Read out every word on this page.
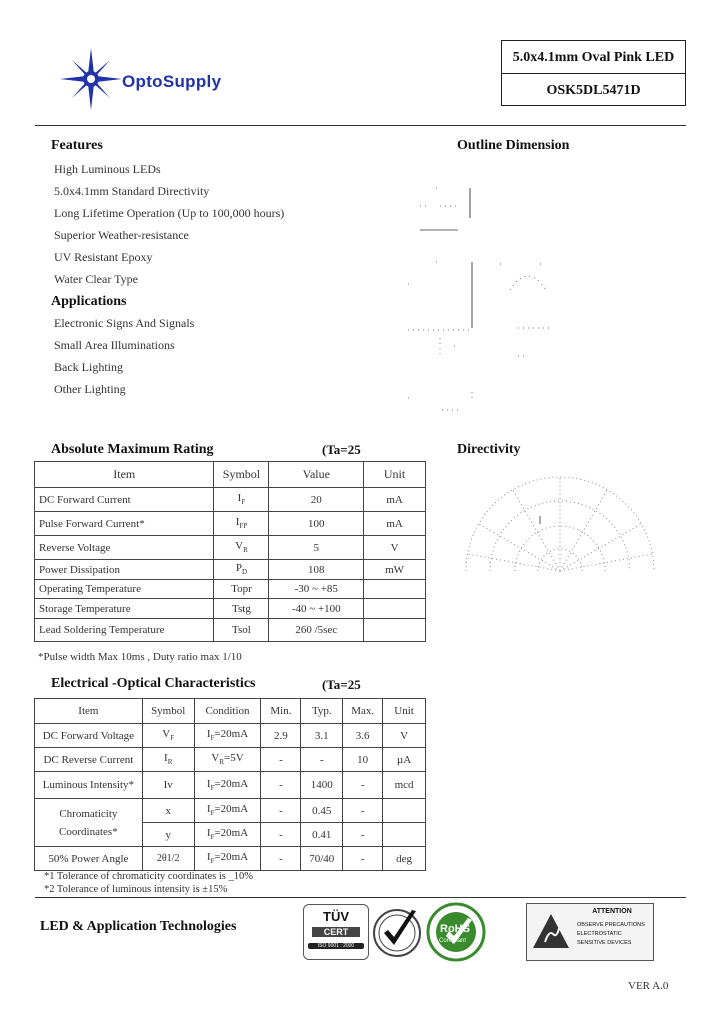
OptoSupply
5.0x4.1mm Oval Pink LED
OSK5DL5471D
Features
High Luminous LEDs
5.0x4.1mm Standard Directivity
Long Lifetime Operation (Up to 100,000 hours)
Superior Weather-resistance
UV Resistant Epoxy
Water Clear Type
Applications
Electronic Signs And Signals
Small Area Illuminations
Back Lighting
Other Lighting
Outline Dimension
Directivity
Absolute Maximum Rating	(Ta=25
Item	Symbol	Value	Unit
DC Forward Current	$I_F$	20	mA
Pulse Forward Current*	$I_{FP}$	100	mA
Reverse Voltage	$V_R$	5	V
Power Dissipation	$P_D$	108	mW
Operating Temperature	Topr	-30 ~ +85	
Storage Temperature	Tstg	-40 ~ +100	
Lead Soldering Temperature	Tsol	260 /5sec	
*Pulse width Max 10ms , Duty ratio max 1/10
Electrical -Optical Characteristics	(Ta=25
Item	Symbol	Condition	Min.	Typ.	Max.	Unit
DC Forward Voltage	$V_F$	$I_F=20mA$	2.9	3.1	3.6	V
DC Reverse Current	$I_R$	$V_R=5V$	-	-	10	µA
Luminous Intensity*	Iv	$I_F=20mA$	-	1400	-	mcd
Chromaticity Coordinates*	x	$I_F=20mA$	-	0.45	-	
	y	$I_F=20mA$	-	0.41	-	
50% Power Angle	2θ1/2	$I_F=20mA$	-	70/40	-	deg
*1 Tolerance of chromaticity coordinates is _10%
*2 Tolerance of luminous intensity is ±15%
LED & Application Technologies
TÜV
CERT
ISO 9001 : 2000
RoHS
Compliant
ATTENTION
OBSERVE PRECAUTIONS
ELECTROSTATIC
SENSITIVE DEVICES
VER A.0
